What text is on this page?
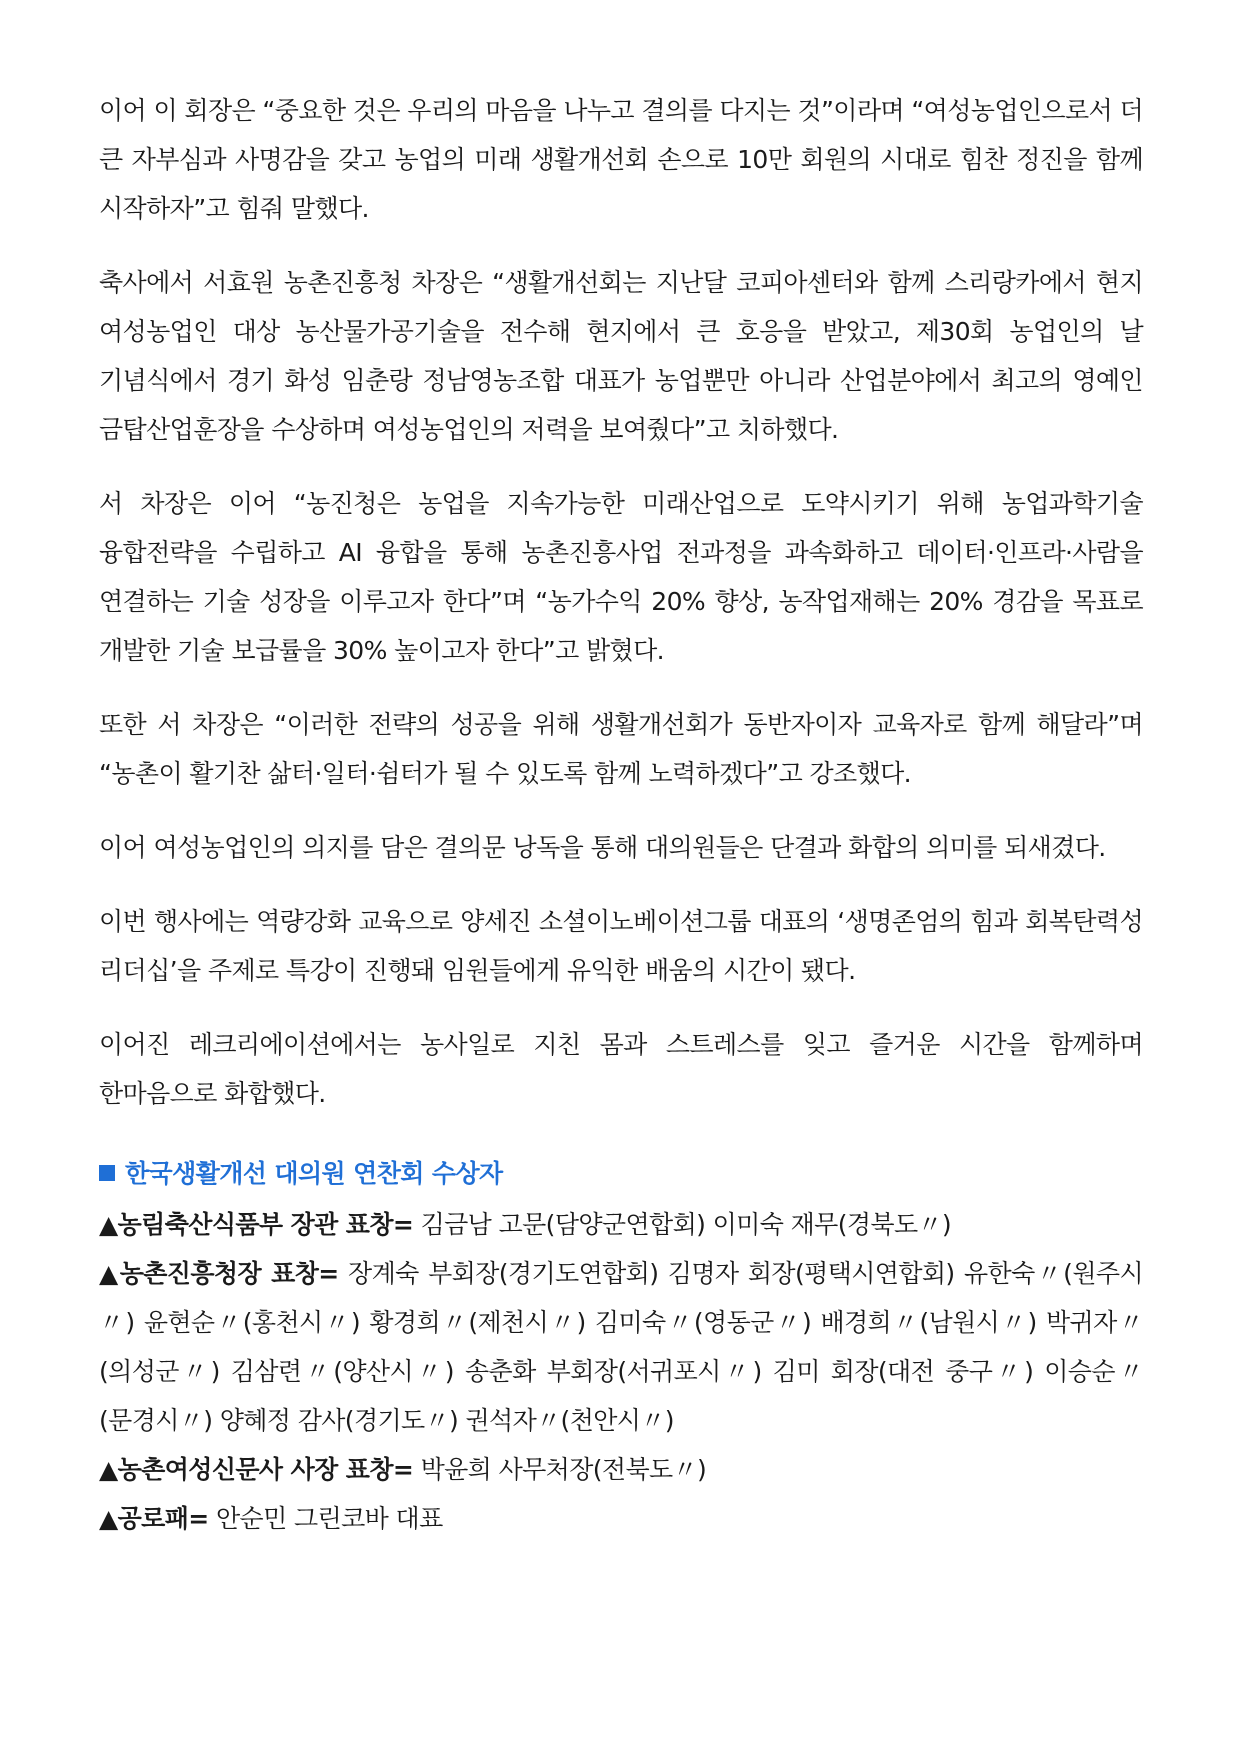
이어 이 회장은 “중요한 것은 우리의 마음을 나누고 결의를 다지는 것”이라며 “여성농업인으로서 더 큰 자부심과 사명감을 갖고 농업의 미래 생활개선회 손으로 10만 회원의 시대로 힘찬 정진을 함께 시작하자”고 힘줘 말했다.

축사에서 서효원 농촌진흥청 차장은 “생활개선회는 지난달 코피아센터와 함께 스리랑카에서 현지 여성농업인 대상 농산물가공기술을 전수해 현지에서 큰 호응을 받았고, 제30회 농업인의 날 기념식에서 경기 화성 임춘랑 정남영농조합 대표가 농업뿐만 아니라 산업분야에서 최고의 영예인 금탑산업훈장을 수상하며 여성농업인의 저력을 보여줬다”고 치하했다.

서 차장은 이어 “농진청은 농업을 지속가능한 미래산업으로 도약시키기 위해 농업과학기술 융합전략을 수립하고 AI 융합을 통해 농촌진흥사업 전과정을 과속화하고 데이터·인프라·사람을 연결하는 기술 성장을 이루고자 한다”며 “농가수익 20% 향상, 농작업재해는 20% 경감을 목표로 개발한 기술 보급률을 30% 높이고자 한다”고 밝혔다.

또한 서 차장은 “이러한 전략의 성공을 위해 생활개선회가 동반자이자 교육자로 함께 해달라”며 “농촌이 활기찬 삶터·일터·쉼터가 될 수 있도록 함께 노력하겠다”고 강조했다.

이어 여성농업인의 의지를 담은 결의문 낭독을 통해 대의원들은 단결과 화합의 의미를 되새겼다.

이번 행사에는 역량강화 교육으로 양세진 소셜이노베이션그룹 대표의 ‘생명존엄의 힘과 회복탄력성 리더십’을 주제로 특강이 진행돼 임원들에게 유익한 배움의 시간이 됐다.

이어진 레크리에이션에서는 농사일로 지친 몸과 스트레스를 잊고 즐거운 시간을 함께하며 한마음으로 화합했다.

한국생활개선 대의원 연찬회 수상자

▲농림축산식품부 장관 표창= 김금남 고문(담양군연합회) 이미숙 재무(경북도〃)

▲농촌진흥청장 표창= 장계숙 부회장(경기도연합회) 김명자 회장(평택시연합회) 유한숙〃(원주시〃) 윤현순〃(홍천시〃) 황경희〃(제천시〃) 김미숙〃(영동군〃) 배경희〃(남원시〃) 박귀자〃(의성군〃) 김삼련〃(양산시〃) 송춘화 부회장(서귀포시〃) 김미 회장(대전 중구〃) 이승순〃(문경시〃) 양혜정 감사(경기도〃) 권석자〃(천안시〃)

▲농촌여성신문사 사장 표창= 박윤희 사무처장(전북도〃)

▲공로패= 안순민 그린코바 대표
